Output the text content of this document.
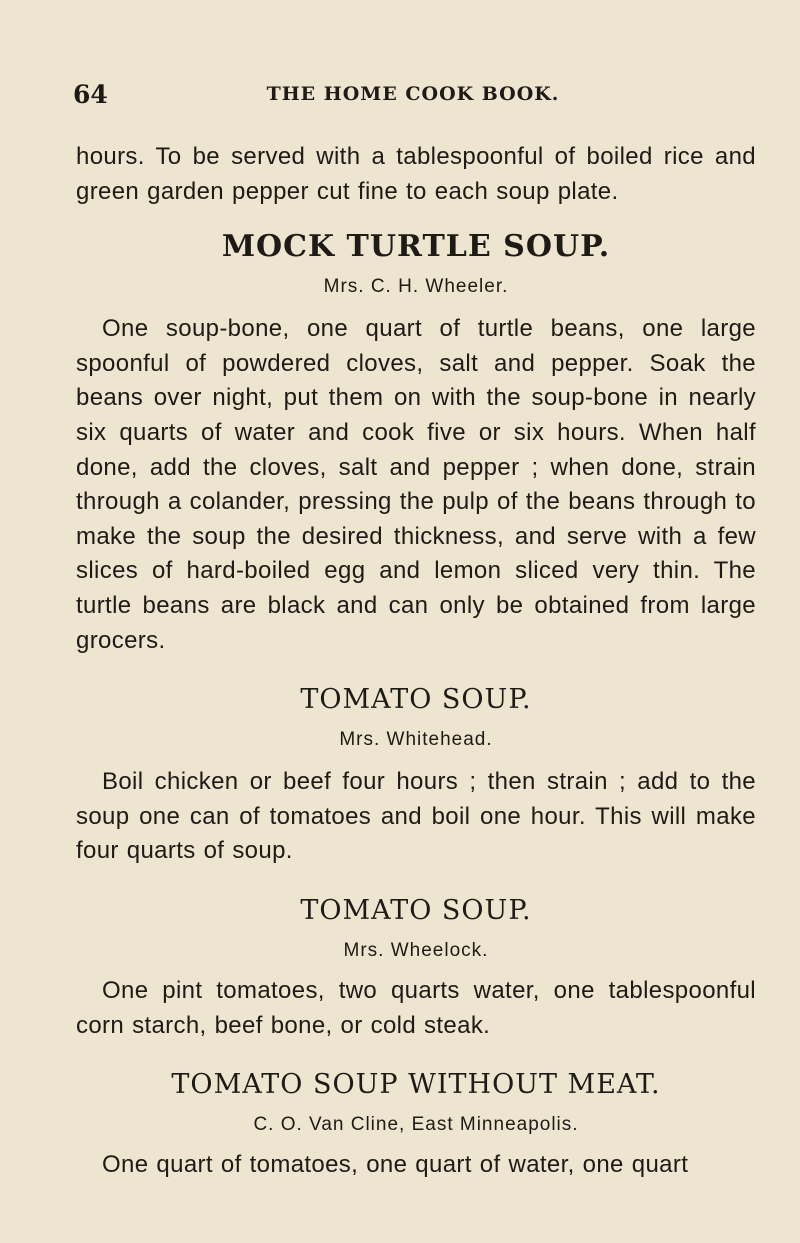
64	THE HOME COOK BOOK.

hours. To be served with a tablespoonful of boiled rice and green garden pepper cut fine to each soup plate.

MOCK TURTLE SOUP.

Mrs. C. H. Wheeler.

One soup-bone, one quart of turtle beans, one large spoonful of powdered cloves, salt and pepper. Soak the beans over night, put them on with the soup-bone in nearly six quarts of water and cook five or six hours. When half done, add the cloves, salt and pepper ; when done, strain through a colander, pressing the pulp of the beans through to make the soup the desired thickness, and serve with a few slices of hard-boiled egg and lemon sliced very thin. The turtle beans are black and can only be obtained from large grocers.

TOMATO SOUP.

Mrs. Whitehead.

Boil chicken or beef four hours ; then strain ; add to the soup one can of tomatoes and boil one hour. This will make four quarts of soup.

TOMATO SOUP.

Mrs. Wheelock.

One pint tomatoes, two quarts water, one tablespoonful corn starch, beef bone, or cold steak.

TOMATO SOUP WITHOUT MEAT.

C. O. Van Cline, East Minneapolis.

One quart of tomatoes, one quart of water, one quart
